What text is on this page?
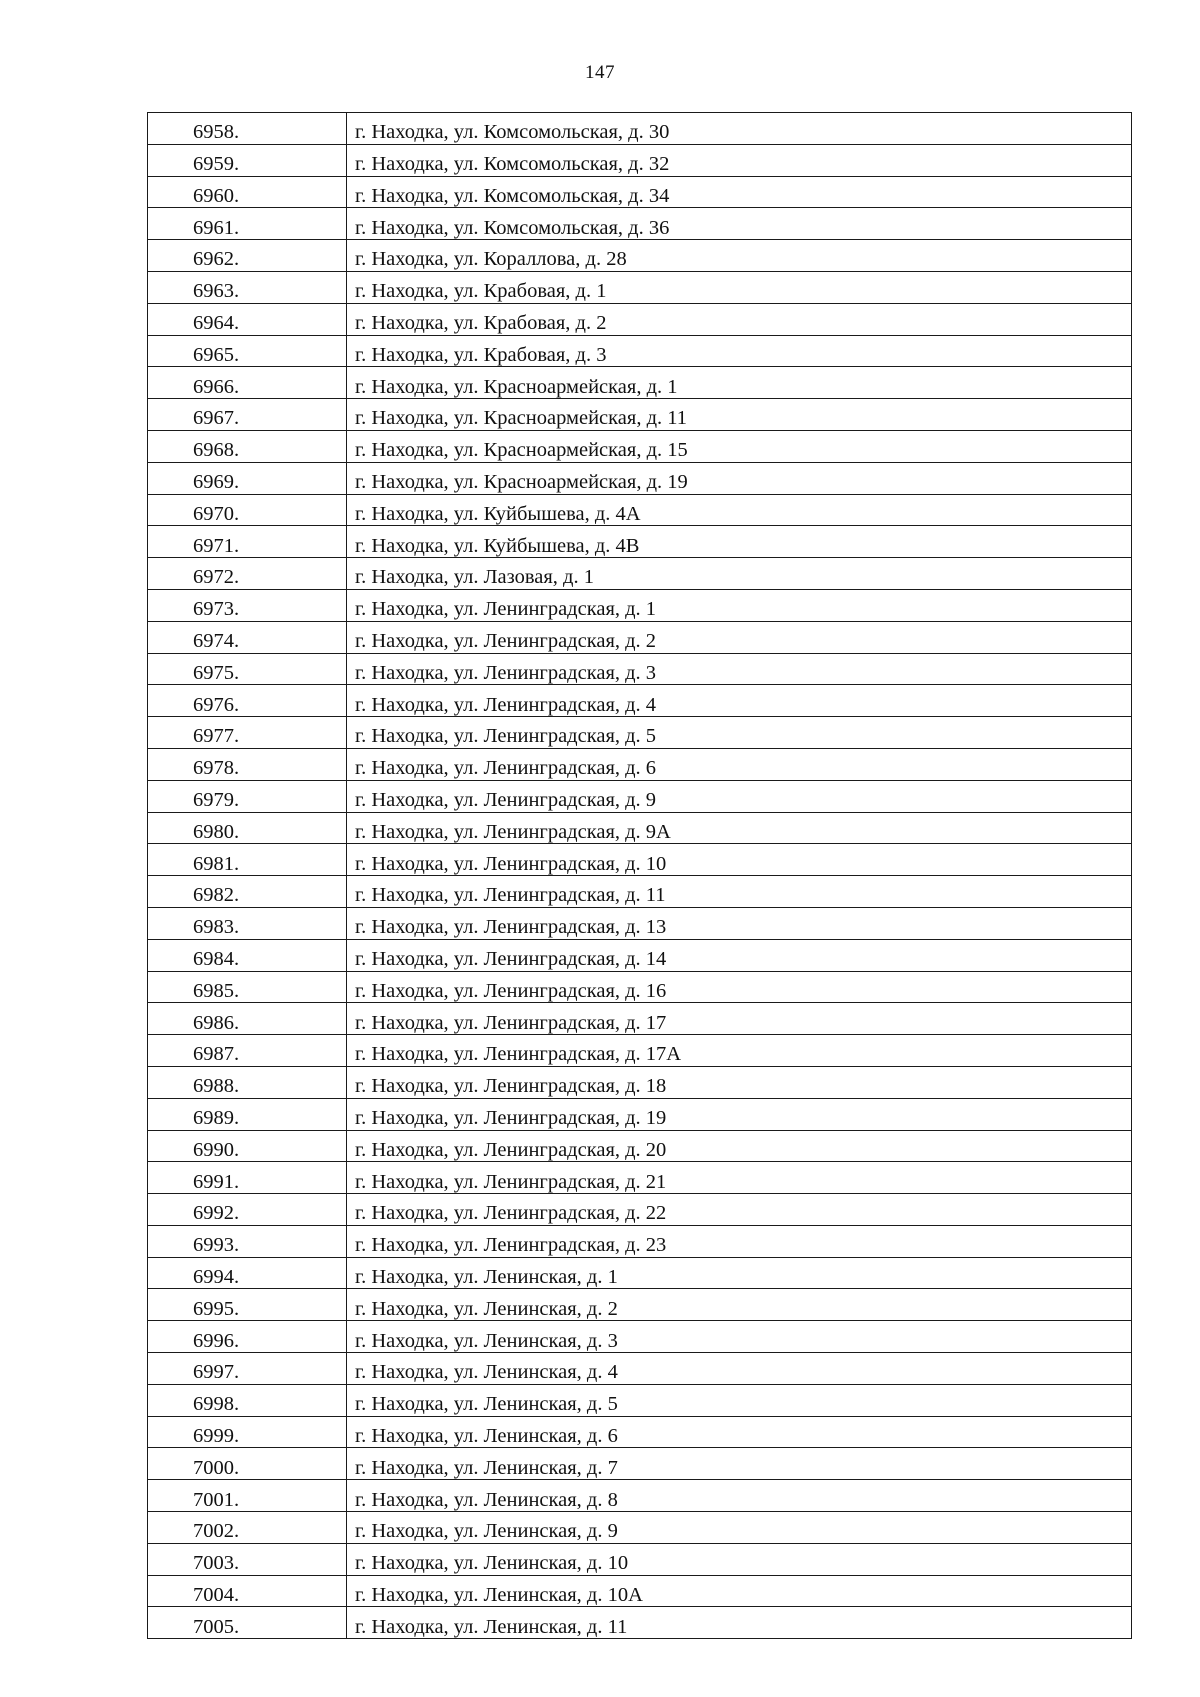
147
6958.	г. Находка, ул. Комсомольская, д. 30
6959.	г. Находка, ул. Комсомольская, д. 32
6960.	г. Находка, ул. Комсомольская, д. 34
6961.	г. Находка, ул. Комсомольская, д. 36
6962.	г. Находка, ул. Кораллова, д. 28
6963.	г. Находка, ул. Крабовая, д. 1
6964.	г. Находка, ул. Крабовая, д. 2
6965.	г. Находка, ул. Крабовая, д. 3
6966.	г. Находка, ул. Красноармейская, д. 1
6967.	г. Находка, ул. Красноармейская, д. 11
6968.	г. Находка, ул. Красноармейская, д. 15
6969.	г. Находка, ул. Красноармейская, д. 19
6970.	г. Находка, ул. Куйбышева, д. 4А
6971.	г. Находка, ул. Куйбышева, д. 4В
6972.	г. Находка, ул. Лазовая, д. 1
6973.	г. Находка, ул. Ленинградская, д. 1
6974.	г. Находка, ул. Ленинградская, д. 2
6975.	г. Находка, ул. Ленинградская, д. 3
6976.	г. Находка, ул. Ленинградская, д. 4
6977.	г. Находка, ул. Ленинградская, д. 5
6978.	г. Находка, ул. Ленинградская, д. 6
6979.	г. Находка, ул. Ленинградская, д. 9
6980.	г. Находка, ул. Ленинградская, д. 9А
6981.	г. Находка, ул. Ленинградская, д. 10
6982.	г. Находка, ул. Ленинградская, д. 11
6983.	г. Находка, ул. Ленинградская, д. 13
6984.	г. Находка, ул. Ленинградская, д. 14
6985.	г. Находка, ул. Ленинградская, д. 16
6986.	г. Находка, ул. Ленинградская, д. 17
6987.	г. Находка, ул. Ленинградская, д. 17А
6988.	г. Находка, ул. Ленинградская, д. 18
6989.	г. Находка, ул. Ленинградская, д. 19
6990.	г. Находка, ул. Ленинградская, д. 20
6991.	г. Находка, ул. Ленинградская, д. 21
6992.	г. Находка, ул. Ленинградская, д. 22
6993.	г. Находка, ул. Ленинградская, д. 23
6994.	г. Находка, ул. Ленинская, д. 1
6995.	г. Находка, ул. Ленинская, д. 2
6996.	г. Находка, ул. Ленинская, д. 3
6997.	г. Находка, ул. Ленинская, д. 4
6998.	г. Находка, ул. Ленинская, д. 5
6999.	г. Находка, ул. Ленинская, д. 6
7000.	г. Находка, ул. Ленинская, д. 7
7001.	г. Находка, ул. Ленинская, д. 8
7002.	г. Находка, ул. Ленинская, д. 9
7003.	г. Находка, ул. Ленинская, д. 10
7004.	г. Находка, ул. Ленинская, д. 10А
7005.	г. Находка, ул. Ленинская, д. 11
